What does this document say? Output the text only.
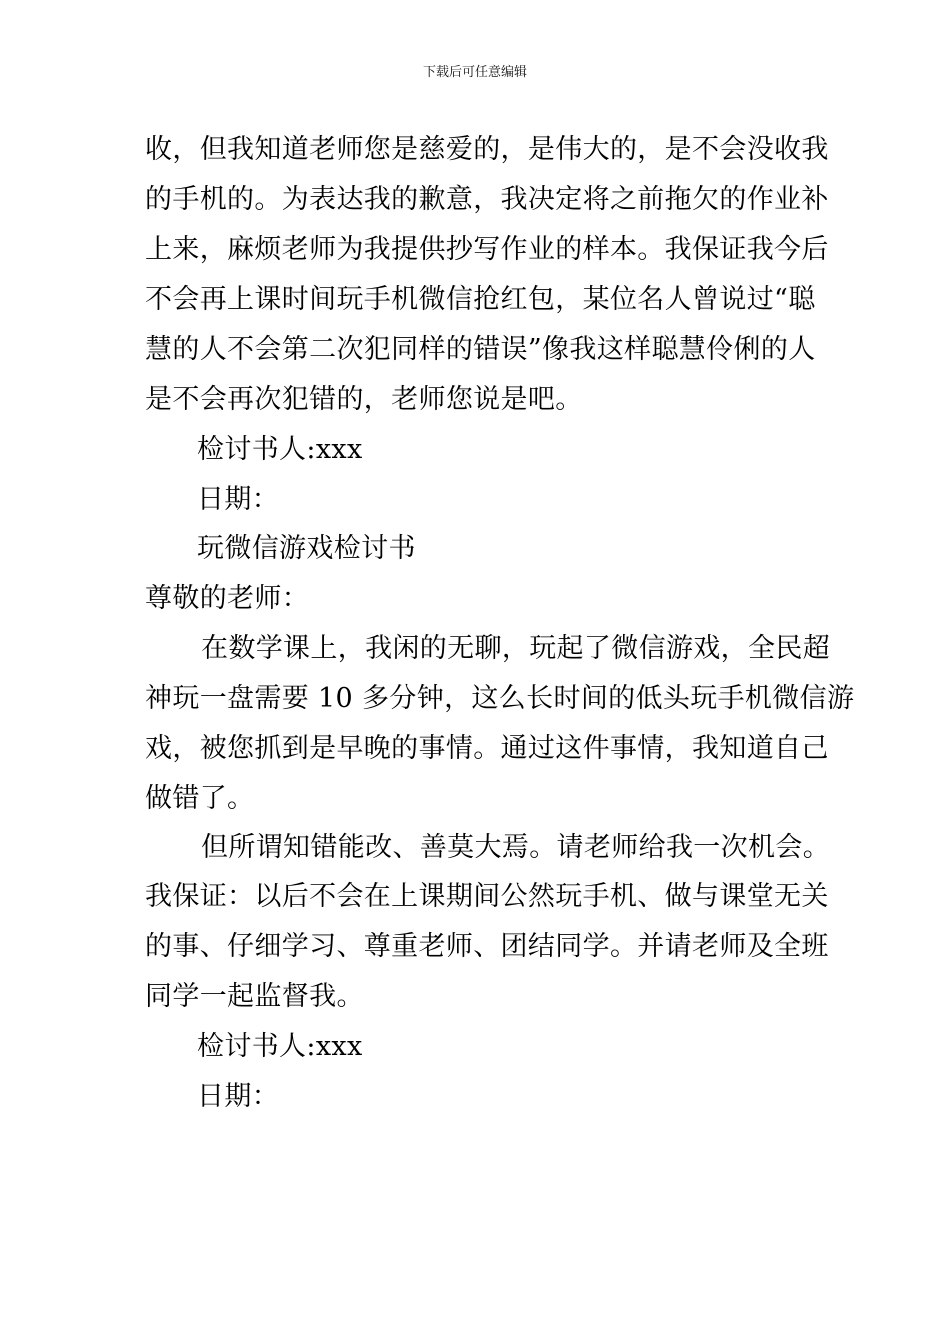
下载后可任意编辑
收，但我知道老师您是慈爱的，是伟大的，是不会没收我
的手机的。为表达我的歉意，我决定将之前拖欠的作业补
上来，麻烦老师为我提供抄写作业的样本。我保证我今后
不会再上课时间玩手机微信抢红包，某位名人曾说过“聪
慧的人不会第二次犯同样的错误”像我这样聪慧伶俐的人
是不会再次犯错的，老师您说是吧。
检讨书人:xxx
日期：
玩微信游戏检讨书
尊敬的老师：
在数学课上，我闲的无聊，玩起了微信游戏，全民超
神玩一盘需要 10 多分钟，这么长时间的低头玩手机微信游
戏，被您抓到是早晚的事情。通过这件事情，我知道自己
做错了。
但所谓知错能改、善莫大焉。请老师给我一次机会。
我保证：以后不会在上课期间公然玩手机、做与课堂无关
的事、仔细学习、尊重老师、团结同学。并请老师及全班
同学一起监督我。
检讨书人:xxx
日期：
